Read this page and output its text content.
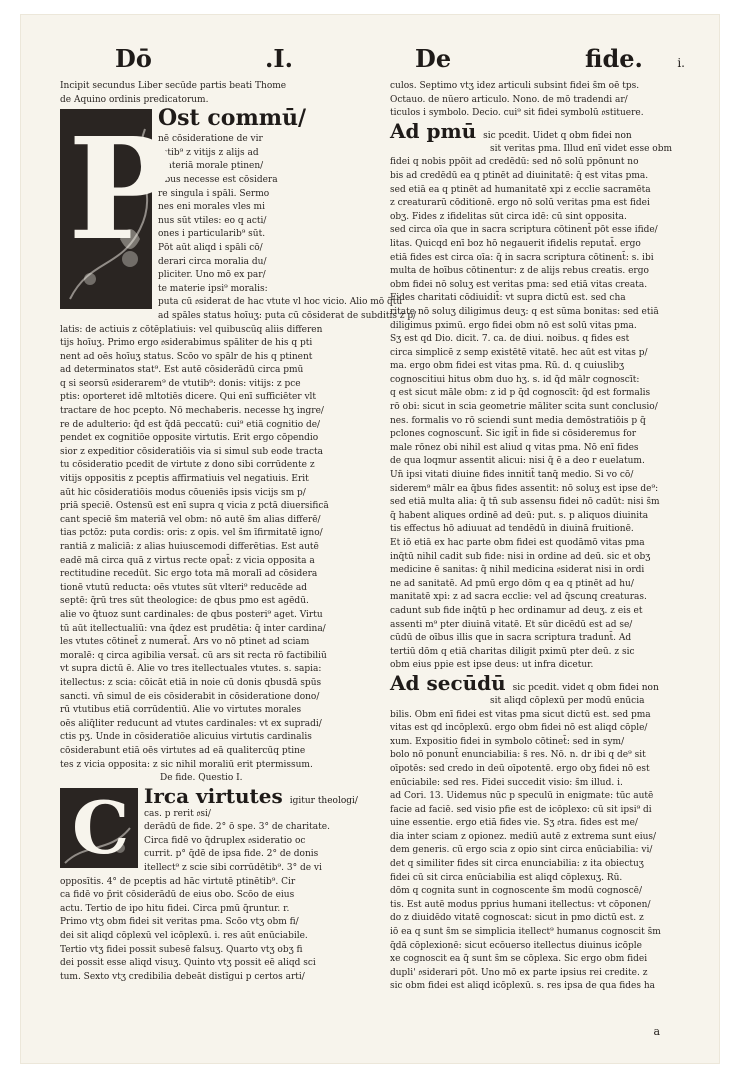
Dō	.I.	De	fide.	i.
Incipit secundus Liber secūde partis beati Thome
de Aquino ordinis predicatorum.
P
Ost commū/
nē cōsideratione de vir
tutib⁹ z vitijs z alijs ad
materiā morale ptinen/
tibus necesse est cōsidera
re singula i spāli. Sermo
nes eni morales vles mi
nus sūt vtiles: eo q acti/
ones i particularib⁹ sūt.
Pōt aūt aliqd i spāli cō/
derari circa moralia du/
pliciter. Uno mō ex par/
te materie ipsi⁹ moralis:
puta cū 𝔬siderat de hac vtute vl hoc vicio. Alio mō q̄tū
ad spāles status hoīuʒ: puta cū cōsiderat de subditis z p/
latis: de actiuis z cōtēplatiuis: vel quibuscūq aliis differen
tijs hoīuʒ. Primo ergo 𝔬siderabimus spāliter de his q pti
nent ad oēs hoīuʒ status. Scōo vo spālr de his q ptinent
ad determinatos stat⁹. Est autē cōsiderādū circa pmū
q si seorsū 𝔬siderarem⁹ de vtutib⁹: donis: vitijs: z pce
ptis: oporteret idē mltotiēs dicere. Qui enī sufficiēter vlt
tractare de hoc pcepto. Nō mechaberis. necesse hʒ ingre/
re de adulterio: q̄d est q̄dā peccatū: cui⁹ etiā cognitio de/
pendet ex cognitiōe opposite virtutis. Erit ergo cōpendio
sior z expeditior cōsideratiōis via si simul sub eode tracta
tu cōsideratio pcedit de virtute z dono sibi corrūdente z
vitijs oppositis z pceptis affirmatiuis vel negatiuis. Erit
aūt hic cōsideratiōis modus cōueniēs ipsis vicijs sm p/
priā speciē. Ostensū est enī supra q vicia z pctā diuersificā
cant speciē s̄m materiā vel obm: nō autē s̄m alias differē/
tias pctōz: puta cordis: oris: z opis. vel s̄m īfirmitatē igno/
rantiā z maliciā: z alias huiuscemodi differētias. Est autē
eadē mā circa quā z virtus recte opat̄: z vicia opposita a
rectitudine recedūt. Sic ergo tota mā moralī ad cōsidera
tionē vtutū reducta: oēs vtutes sūt vlteri⁹ reducēde ad
septē: q̄rū tres sūt theologice: de qbus pmo est agēdū.
alie vo q̄tuoz sunt cardinales: de qbus posteri⁹ aget. Virtu
tū aūt itellectualiū: vna q̄dez est prudētia: q̄ inter cardina/
les vtutes cōtinet̄ z numerat̄. Ars vo nō ptinet ad sciam
moralē: q circa agibilia versat̄. cū ars sit recta rō factibiliū
vt supra dictū ē. Alie vo tres itellectuales vtutes. s. sapia:
itellectus: z scia: cōicāt etiā in noie cū donis qbusdā spūs
sancti. vn̄ simul de eis cōsiderabit in cōsideratione dono/
rū vtutibus etiā corrūdentiū. Alie vo virtutes morales
oēs aliq̄liter reducunt ad vtutes cardinales: vt ex supradi/
ctis pʒ. Unde in cōsideratiōe alicuius virtutis cardinalis
cōsiderabunt etiā oēs virtutes ad eā qualitercūq ptine
tes z vicia opposita: z sic nihil moraliū erit ptermissum.
De fide. Questio I.
C Irca virtutes igitur theologi/
cas. p rerit 𝔬si/
derādū de fide. 2° ō spe. 3° de charitate.
Circa fidē vo q̄druplex 𝔬sideratio oc
currit. p° q̄dē de ipsa fide. 2° de donis
itellect⁹ z scie sibi corrūdētib⁹. 3° de vi
opposītis. 4° de pceptis ad hāc virtutē ptinētib⁹. Cir
ca fidē vo p̄rit cōsiderādū de eius obo. Scōo de eius
actu. Tertio de ipo hitu fidei. Circa pmū q̄runtur. r.
Primo vtʒ obm fidei sit veritas pma. Scōo vtʒ obm fi/
dei sit aliqd cōplexū vel icōplexū. i. res aūt enūciabile.
Tertio vtʒ fidei possit subesē falsuʒ. Quarto vtʒ obʒ fi
dei possit esse aliqd visuʒ. Quinto vtʒ possit eē aliqd sci
tum. Sexto vtʒ credibilia debeāt distīgui p certos arti/
culos. Septimo vtʒ idez articuli subsint fidei s̄m oē tps.
Octauo. de nūero articulo. Nono. de mō tradendi ar/
ticulos i symbolo. Decio. cui⁹ sit fidei symbolū 𝔬stituere.
Ad pmū sic pcedit. Uidet q obm fidei non
sit veritas pma. Illud enī videt esse obm
fidei q nobis ppōit ad credēdū: sed nō solū ppōnunt no
bis ad credēdū ea q ptinēt ad diuinitatē: q̄ est vitas pma.
sed etiā ea q ptinēt ad humanitatē xpi z ecclie sacramēta
z creaturarū cōditionē. ergo nō solū veritas pma est fidei
obʒ. Fides z ifidelitas sūt circa idē: cū sint opposita.
sed circa oīa que in sacra scriptura cōtinent̄ pōt esse ifide/
litas. Quicqd enī boz hō negauerit ifidelis reputat̄. ergo
etiā fides est circa oīa: q̄ in sacra scriptura cōtinent̄: s. ibi
multa de hoībus cōtinentur: z de alijs rebus creatis. ergo
obm fidei nō soluʒ est veritas pma: sed etiā vitas creata.
Fides charitati cōdiuidit̄: vt supra dictū est. sed cha
ritate nō soluʒ diligimus deuʒ: q est sūma bonitas: sed etiā
diligimus pximū. ergo fidei obm nō est solū vitas pma.
Sʒ est qd Dio. dicit. 7. ca. de diui. noibus. q fides est
circa simplicē z semp existētē vitatē. hec aūt est vitas p/
ma. ergo obm fidei est vitas pma. Rū. d. q cuiuslibʒ
cognoscitiui hitus obm duo hʒ. s. id q̄d mālr cognoscīt:
q est sicut māle obm: z id p q̄d cognoscīt: q̄d est formalis
rō obi: sicut in scia geometrie māliter scita sunt conclusio/
nes. formalis vo rō sciendi sunt media demōstratiōis p q̄
pclones cognoscunt̄. Sic igit̄ in fide si cōsideremus for
male rōnez obi nihil est aliud q vitas pma. Nō enī fides
de qua loqmur assentit alicui: nisi q̄ ē a deo r euelatum.
Un̄ ipsi vitati diuine fides innitit̄ tanq̄ medio. Si vo cō/
siderem⁹ mālr ea q̄bus fides assentit: nō soluʒ est ipse de⁹:
sed etiā multa alia: q̄ tn̄ sub assensu fidei nō cadūt: nisi s̄m
q̄ habent aliques ordinē ad deū: put. s. p aliquos diuinita
tis effectus hō adiuuat ad tendēdū in diuinā fruitionē.
Et iō etiā ex hac parte obm fidei est quodāmō vitas pma
inq̄tū nihil cadit sub fide: nisi in ordine ad deū. sic et obʒ
medicine ē sanitas: q̄ nihil medicina 𝔬siderat nisi in ordi
ne ad sanitatē. Ad pmū ergo dōm q ea q ptinēt ad hu/
manitatē xpi: z ad sacra ecclie: vel ad q̄scunq creaturas.
cadunt sub fide inq̄tū p hec ordinamur ad deuʒ. z eis et
assenti m⁹ pter diuinā vitatē. Et sūr dicēdū est ad se/
cūdū de oībus illis que in sacra scriptura tradunt̄. Ad
tertiū dōm q etiā charitas diligit pximū pter deū. z sic
obm eius ppie est ipse deus: ut infra dicetur.
Ad secūdū sic pcedit. videt q obm fidei non
sit aliqd cōplexū per modū enūcia
bilis. Obm enī fidei est vitas pma sicut dictū est. sed pma
vitas est qd incōplexū. ergo obm fidei nō est aliqd cōple/
xum. Expositio fidei in symbolo cōtinet̄: sed in sym/
bolo nō ponunt̄ enunciabilia: s̄ res. Nō. n. dr ibi q de⁹ sit
oīpotēs: sed credo in deū oīpotentē. ergo obʒ fidei nō est
enūciabile: sed res. Fidei succedit visio: s̄m illud. i.
ad Cori. 13. Uidemus nūc p speculū in enigmate: tūc autē
facie ad faciē. sed visio pfie est de icōplexo: cū sit ipsi⁹ di
uine essentie. ergo etiā fides vie. Sʒ 𝔬tra. fides est me/
dia inter sciam z opionez. mediū autē z extrema sunt eius/
dem generis. cū ergo scia z opio sint circa enūciabilia: vi/
det q similiter fides sit circa enunciabilia: z ita obiectuʒ
fidei cū sit circa enūciabilia est aliqd cōplexuʒ. Rū.
dōm q cognita sunt in cognoscente s̄m modū cognoscē/
tis. Est autē modus pprius humani itellectus: vt cōponen/
do z diuidēdo vitatē cognoscat: sicut in pmo dictū est. z
iō ea q sunt s̄m se simplicia itellect⁹ humanus cognoscit s̄m
q̄dā cōplexionē: sicut ecōuerso itellectus diuinus icōple
xe cognoscit ea q̄ sunt s̄m se cōplexa. Sic ergo obm fidei
dupli' 𝔬siderari pōt. Uno mō ex parte ipsius rei credite. z
sic obm fidei est aliqd icōplexū. s. res ipsa de qua fides ha
a
